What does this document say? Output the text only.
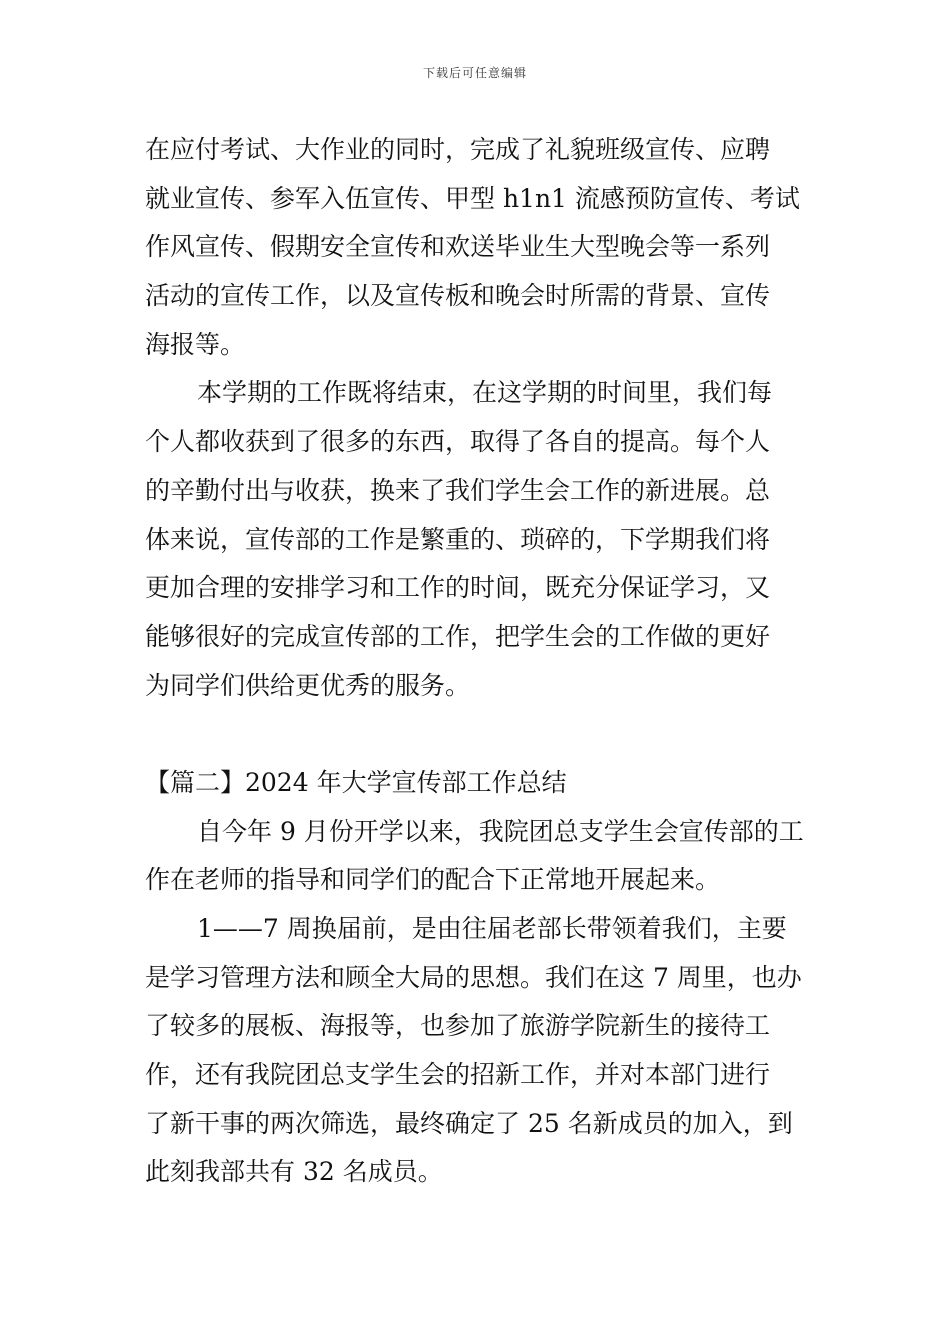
下载后可任意编辑
在应付考试、大作业的同时，完成了礼貌班级宣传、应聘
就业宣传、参军入伍宣传、甲型 h1n1 流感预防宣传、考试
作风宣传、假期安全宣传和欢送毕业生大型晚会等一系列
活动的宣传工作，以及宣传板和晚会时所需的背景、宣传
海报等。
本学期的工作既将结束，在这学期的时间里，我们每
个人都收获到了很多的东西，取得了各自的提高。每个人
的辛勤付出与收获，换来了我们学生会工作的新进展。总
体来说，宣传部的工作是繁重的、琐碎的，下学期我们将
更加合理的安排学习和工作的时间，既充分保证学习，又
能够很好的完成宣传部的工作，把学生会的工作做的更好
为同学们供给更优秀的服务。
【篇二】2024 年大学宣传部工作总结
自今年 9 月份开学以来，我院团总支学生会宣传部的工
作在老师的指导和同学们的配合下正常地开展起来。
1——7 周换届前，是由往届老部长带领着我们，主要
是学习管理方法和顾全大局的思想。我们在这 7 周里，也办
了较多的展板、海报等，也参加了旅游学院新生的接待工
作，还有我院团总支学生会的招新工作，并对本部门进行
了新干事的两次筛选，最终确定了 25 名新成员的加入，到
此刻我部共有 32 名成员。
